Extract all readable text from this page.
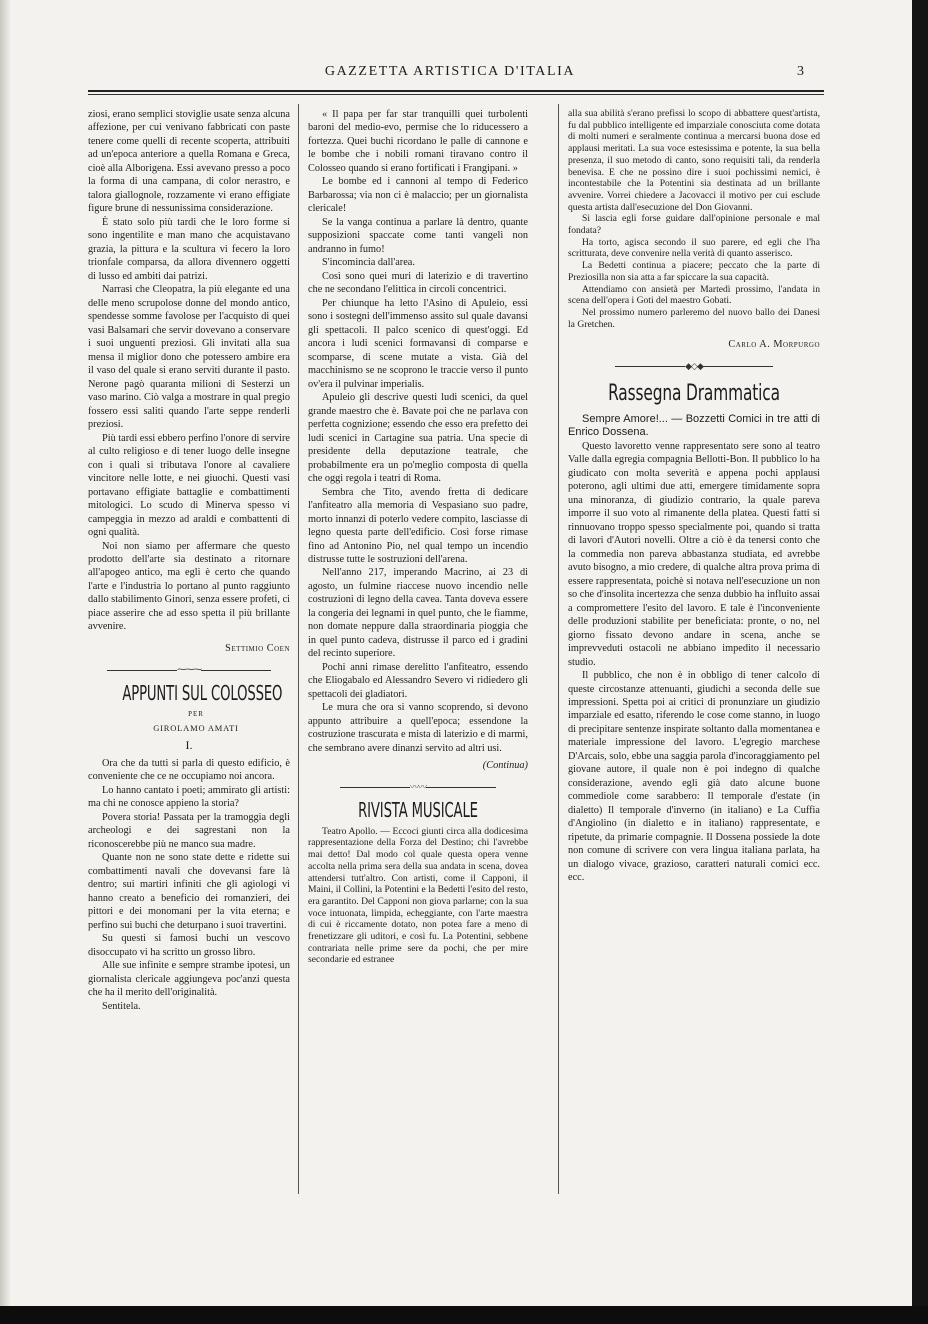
GAZZETTA ARTISTICA D'ITALIA	3

ziosi, erano semplici stoviglie usate senza alcuna affezione, per cui venivano fabbricati con paste tenere come quelli di recente scoperta, attribuiti ad un'epoca anteriore a quella Romana e Greca, cioè alla Alborigena. Essi avevano presso a poco la forma di una campana, di color nerastro, e talora giallognole, rozzamente vi erano effigiate figure brune di nessunissima considerazione.

È stato solo più tardi che le loro forme si sono ingentilite e man mano che acquistavano grazia, la pittura e la scultura vi fecero la loro trionfale comparsa, da allora divennero oggetti di lusso ed ambiti dai patrizi.

Narrasi che Cleopatra, la più elegante ed una delle meno scrupolose donne del mondo antico, spendesse somme favolose per l'acquisto di quei vasi Balsamari che servir dovevano a conservare i suoi unguenti preziosi. Gli invitati alla sua mensa il miglior dono che potessero ambire era il vaso del quale si erano serviti durante il pasto. Nerone pagò quaranta milioni di Sesterzi un vaso marino. Ciò valga a mostrare in qual pregio fossero essi saliti quando l'arte seppe renderli preziosi.

Più tardi essi ebbero perfino l'onore di servire al culto religioso e di tener luogo delle insegne con i quali si tributava l'onore al cavaliere vincitore nelle lotte, e nei giuochi. Questi vasi portavano effigiate battaglie e combattimenti mitologici. Lo scudo di Minerva spesso vi campeggia in mezzo ad araldi e combattenti di ogni qualità.

Noi non siamo per affermare che questo prodotto dell'arte sia destinato a ritornare all'apogeo antico, ma egli è certo che quando l'arte e l'industria lo portano al punto raggiunto dallo stabilimento Ginori, senza essere profeti, ci piace asserire che ad esso spetta il più brillante avvenire.

Settimio Coen
⁓⁓⁓
APPUNTI SUL COLOSSEO

PER

GIROLAMO AMATI

I.

Ora che da tutti si parla di questo edificio, è conveniente che ce ne occupiamo noi ancora.

Lo hanno cantato i poeti; ammirato gli artisti: ma chi ne conosce appieno la storia?

Povera storia! Passata per la tramoggia degli archeologi e dei sagrestani non la riconoscerebbe più ne manco sua madre.

Quante non ne sono state dette e ridette sui combattimenti navali che dovevansi fare là dentro; sui martiri infiniti che gli agiologi vi hanno creato a beneficio dei romanzieri, dei pittori e dei monomani per la vita eterna; e perfino sui buchi che deturpano i suoi travertini.

Su questi si famosi buchi un vescovo disoccupato vi ha scritto un grosso libro.

Alle sue infinite e sempre strambe ipotesi, un giornalista clericale aggiungeva poc'anzi questa che ha il merito dell'originalità.

Sentitela.

« Il papa per far star tranquilli quei turbolenti baroni del medio-evo, permise che lo riducessero a fortezza. Quei buchi ricordano le palle di cannone e le bombe che i nobili romani tiravano contro il Colosseo quando si erano fortificati i Frangipani. »

Le bombe ed i cannoni al tempo di Federico Barbarossa; via non ci è malaccio; per un giornalista clericale!

Se la vanga continua a parlare là dentro, quante supposizioni spaccate come tanti vangeli non andranno in fumo!

S'incomincia dall'area.

Così sono quei muri di laterizio e di travertino che ne secondano l'elittica in circoli concentrici.

Per chiunque ha letto l'Asino di Apuleio, essi sono i sostegni dell'immenso assito sul quale davansi gli spettacoli. Il palco scenico di quest'oggi. Ed ancora i ludi scenici formavansi di comparse e scomparse, di scene mutate a vista. Già del macchinismo se ne scoprono le traccie verso il punto ov'era il pulvinar imperialis.

Apuleio gli descrive questi ludi scenici, da quel grande maestro che è. Bavate poi che ne parlava con perfetta cognizione; essendo che esso era prefetto dei ludi scenici in Cartagine sua patria. Una specie di presidente della deputazione teatrale, che probabilmente era un po'meglio composta di quella che oggi regola i teatri di Roma.

Sembra che Tito, avendo fretta di dedicare l'anfiteatro alla memoria di Vespasiano suo padre, morto innanzi di poterlo vedere compito, lasciasse di legno questa parte dell'edificio. Così forse rimase fino ad Antonino Pio, nel qual tempo un incendio distrusse tutte le sostruzioni dell'arena.

Nell'anno 217, imperando Macrino, ai 23 di agosto, un fulmine riaccese nuovo incendio nelle costruzioni di legno della cavea. Tanta doveva essere la congeria dei legnami in quel punto, che le fiamme, non domate neppure dalla straordinaria pioggia che in quel punto cadeva, distrusse il parco ed i gradini del recinto superiore.

Pochi anni rimase derelitto l'anfiteatro, essendo che Eliogabalo ed Alessandro Severo vi ridiedero gli spettacoli dei gladiatori.

Le mura che ora si vanno scoprendo, si devono appunto attribuire a quell'epoca; essendone la costruzione trascurata e mista di laterizio e di marmi, che sembrano avere dinanzi servito ad altri usi.

(Continua)
〰〰
RIVISTA MUSICALE

Teatro Apollo. — Eccoci giunti circa alla dodicesima rappresentazione della Forza del Destino; chi l'avrebbe mai detto! Dal modo col quale questa opera venne accolta nella prima sera della sua andata in scena, dovea attendersi tutt'altro. Con artisti, come il Capponi, il Maini, il Collini, la Potentini e la Bedetti l'esito del resto, era garantito. Del Capponi non giova parlarne; con la sua voce intuonata, limpida, echeggiante, con l'arte maestra di cui è riccamente dotato, non potea fare a meno di frenetizzare gli uditori, e così fu. La Potentini, sebbene contrariata nelle prime sere da pochi, che per mire secondarie ed estranee

alla sua abilità s'erano prefissi lo scopo di abbattere quest'artista, fu dal pubblico intelligente ed imparziale conosciuta come dotata di molti numeri e seralmente continua a mercarsi buona dose ed applausi meritati. La sua voce estesissima e potente, la sua bella presenza, il suo metodo di canto, sono requisiti tali, da renderla benevisa. E che ne possino dire i suoi pochissimi nemici, è incontestabile che la Potentini sia destinata ad un brillante avvenire. Vorrei chiedere a Jacovacci il motivo per cui esclude questa artista dall'esecuzione del Don Giovanni.

Si lascia egli forse guidare dall'opinione personale e mal fondata?

Ha torto, agisca secondo il suo parere, ed egli che l'ha scritturata, deve convenire nella verità di quanto asserisco.

La Bedetti continua a piacere; peccato che la parte di Preziosilla non sia atta a far spiccare la sua capacità.

Attendiamo con ansietà per Martedì prossimo, l'andata in scena dell'opera i Goti del maestro Gobati.

Nel prossimo numero parleremo del nuovo ballo dei Danesi la Gretchen.

Carlo A. Morpurgo
◆◇◆
Rassegna Drammatica

Sempre Amore!... — Bozzetti Comici in tre atti di Enrico Dossena.

Questo lavoretto venne rappresentato sere sono al teatro Valle dalla egregia compagnia Bellotti-Bon. Il pubblico lo ha giudicato con molta severità e appena pochi applausi poterono, agli ultimi due atti, emergere timidamente sopra una minoranza, di giudizio contrario, la quale pareva imporre il suo voto al rimanente della platea. Questi fatti si rinnuovano troppo spesso specialmente poi, quando si tratta di lavori d'Autori novelli. Oltre a ciò è da tenersi conto che la commedia non pareva abbastanza studiata, ed avrebbe avuto bisogno, a mio credere, di qualche altra prova prima di essere rappresentata, poichè si notava nell'esecuzione un non so che d'insolita incertezza che senza dubbio ha influito assai a compromettere l'esito del lavoro. E tale è l'inconveniente delle produzioni stabilite per beneficiata: pronte, o no, nel giorno fissato devono andare in scena, anche se imprevveduti ostacoli ne abbiano impedito il necessario studio.

Il pubblico, che non è in obbligo di tener calcolo di queste circostanze attenuanti, giudichi a seconda delle sue impressioni. Spetta poi ai critici di pronunziare un giudizio imparziale ed esatto, riferendo le cose come stanno, in luogo di precipitare sentenze inspirate soltanto dalla momentanea e materiale impressione del lavoro. L'egregio marchese D'Arcais, solo, ebbe una saggia parola d'incoraggiamento pel giovane autore, il quale non è poi indegno di qualche considerazione, avendo egli già dato alcune buone commediole come sarabbero: Il temporale d'estate (in dialetto) Il temporale d'inverno (in italiano) e La Cuffia d'Angiolino (in dialetto e in italiano) rappresentate, e ripetute, da primarie compagnie. Il Dossena possiede la dote non comune di scrivere con vera lingua italiana parlata, ha un dialogo vivace, grazioso, caratteri naturali comici ecc. ecc.
